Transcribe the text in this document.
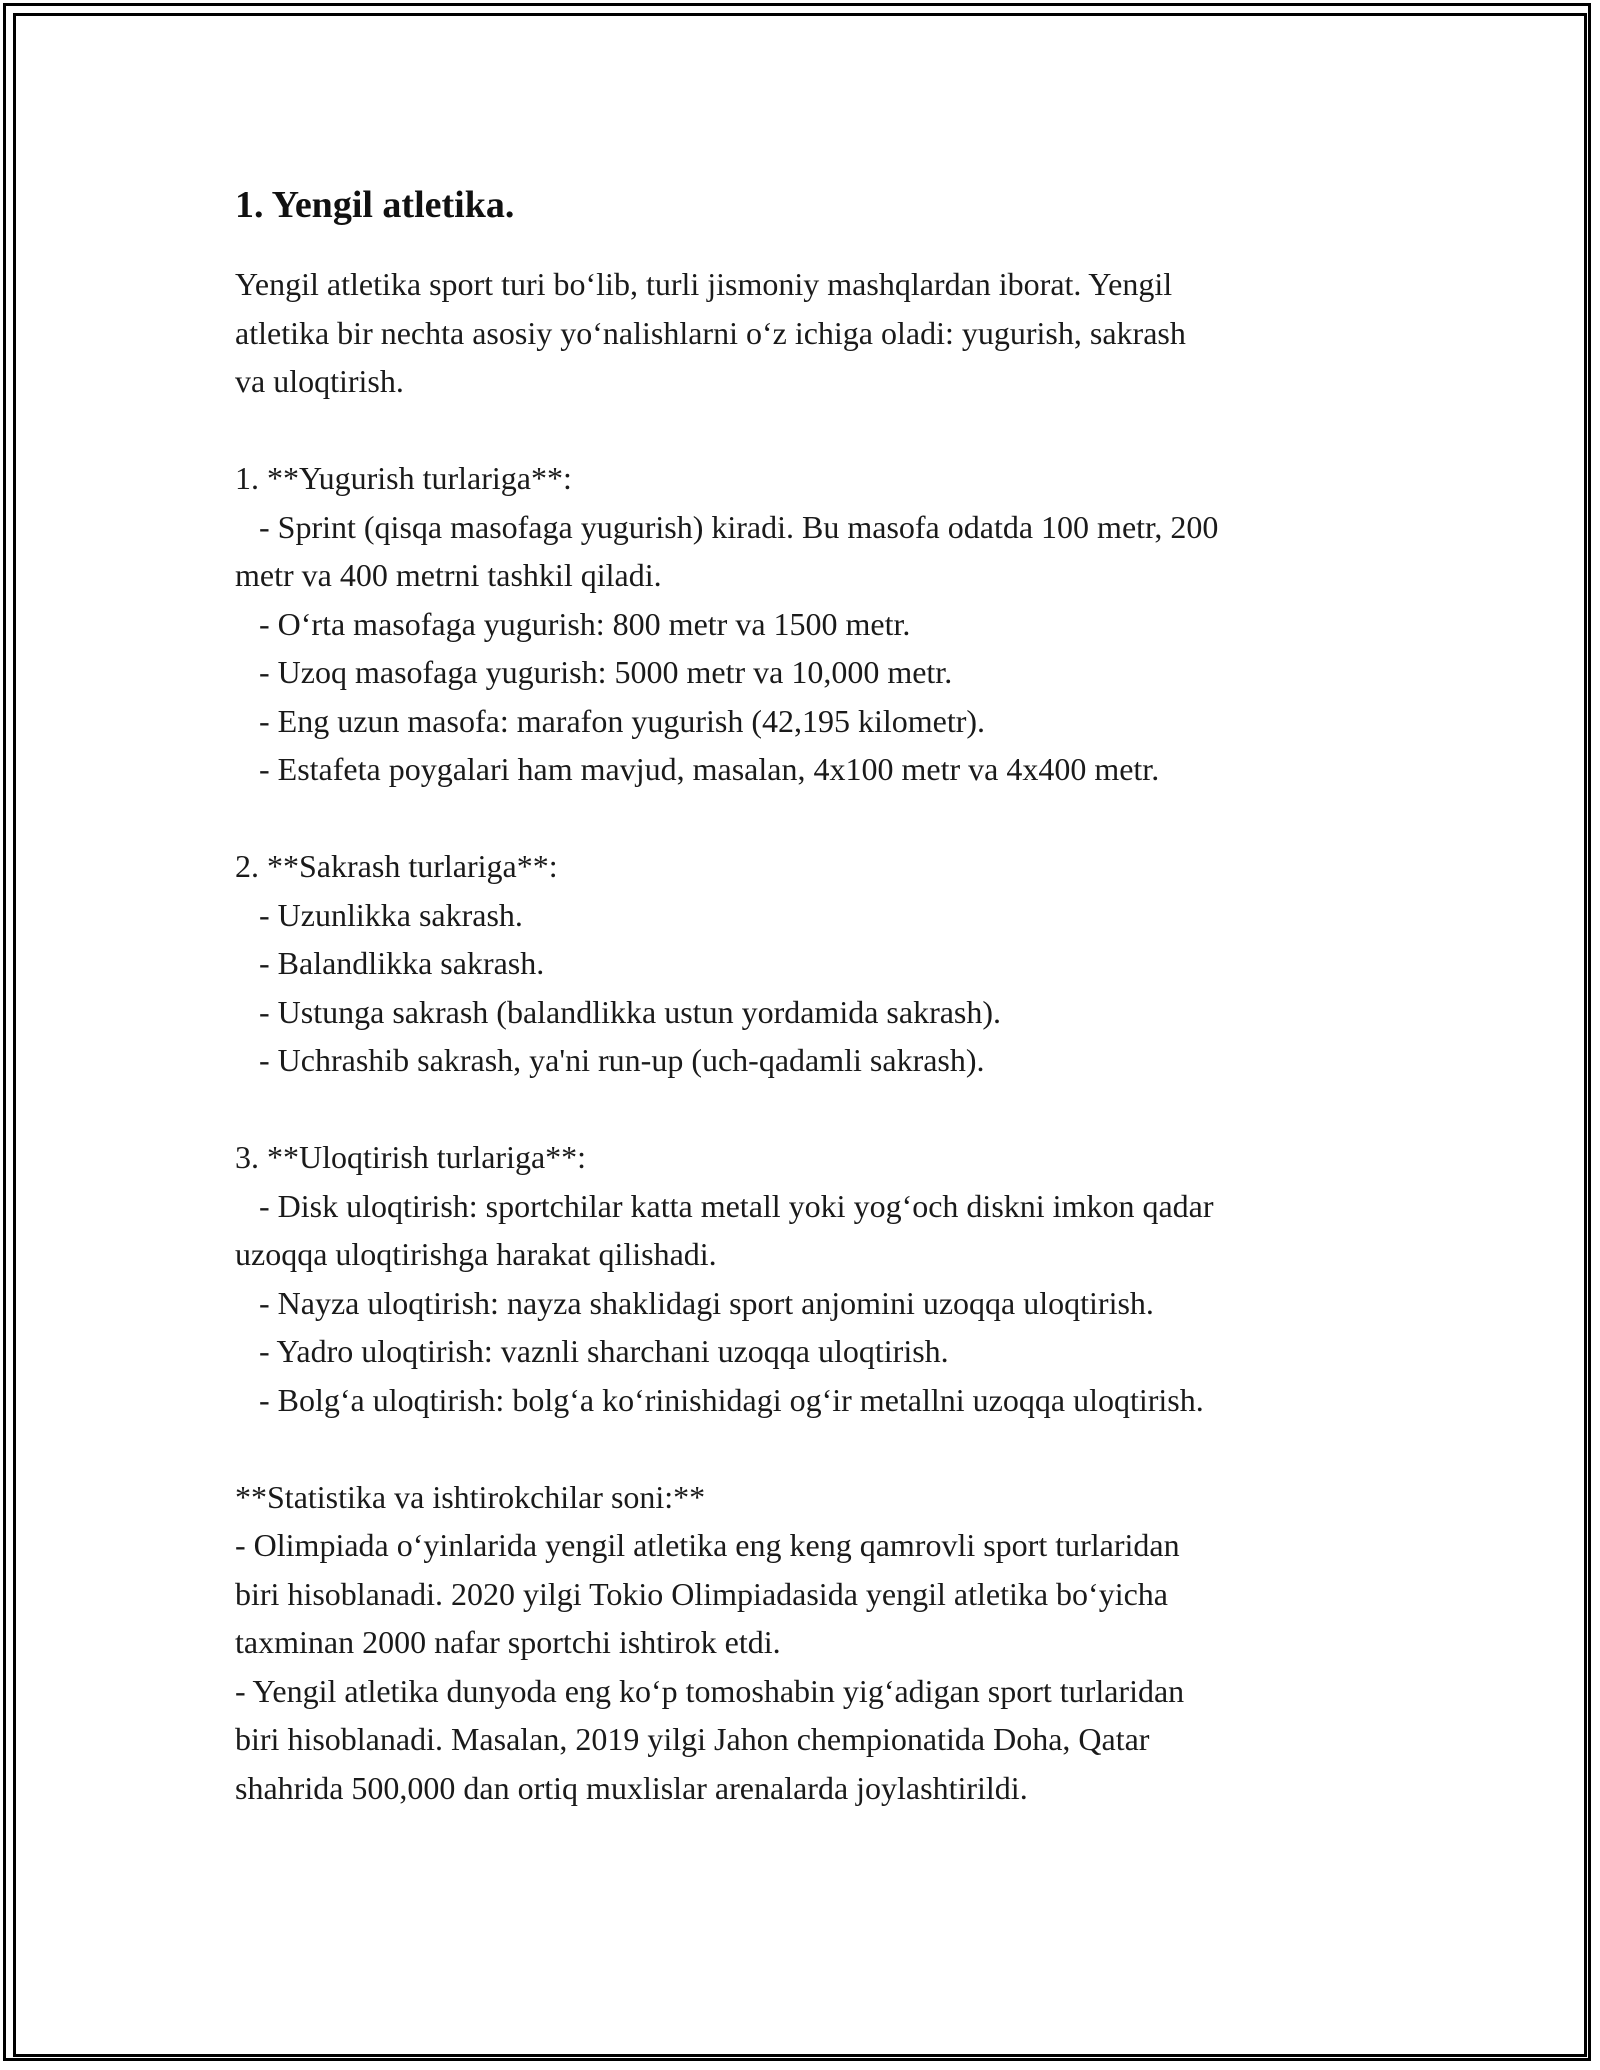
1. Yengil atletika.

Yengil atletika sport turi bo‘lib, turli jismoniy mashqlardan iborat. Yengil
atletika bir nechta asosiy yo‘nalishlarni o‘z ichiga oladi: yugurish, sakrash
va uloqtirish.

1. **Yugurish turlariga**:
- Sprint (qisqa masofaga yugurish) kiradi. Bu masofa odatda 100 metr, 200
metr va 400 metrni tashkil qiladi.
- O‘rta masofaga yugurish: 800 metr va 1500 metr.
- Uzoq masofaga yugurish: 5000 metr va 10,000 metr.
- Eng uzun masofa: marafon yugurish (42,195 kilometr).
- Estafeta poygalari ham mavjud, masalan, 4x100 metr va 4x400 metr.

2. **Sakrash turlariga**:
- Uzunlikka sakrash.
- Balandlikka sakrash.
- Ustunga sakrash (balandlikka ustun yordamida sakrash).
- Uchrashib sakrash, ya'ni run-up (uch-qadamli sakrash).

3. **Uloqtirish turlariga**:
- Disk uloqtirish: sportchilar katta metall yoki yog‘och diskni imkon qadar
uzoqqa uloqtirishga harakat qilishadi.
- Nayza uloqtirish: nayza shaklidagi sport anjomini uzoqqa uloqtirish.
- Yadro uloqtirish: vaznli sharchani uzoqqa uloqtirish.
- Bolg‘a uloqtirish: bolg‘a ko‘rinishidagi og‘ir metallni uzoqqa uloqtirish.

**Statistika va ishtirokchilar soni:**
- Olimpiada o‘yinlarida yengil atletika eng keng qamrovli sport turlaridan
biri hisoblanadi. 2020 yilgi Tokio Olimpiadasida yengil atletika bo‘yicha
taxminan 2000 nafar sportchi ishtirok etdi.
- Yengil atletika dunyoda eng ko‘p tomoshabin yig‘adigan sport turlaridan
biri hisoblanadi. Masalan, 2019 yilgi Jahon chempionatida Doha, Qatar
shahrida 500,000 dan ortiq muxlislar arenalarda joylashtirildi.
